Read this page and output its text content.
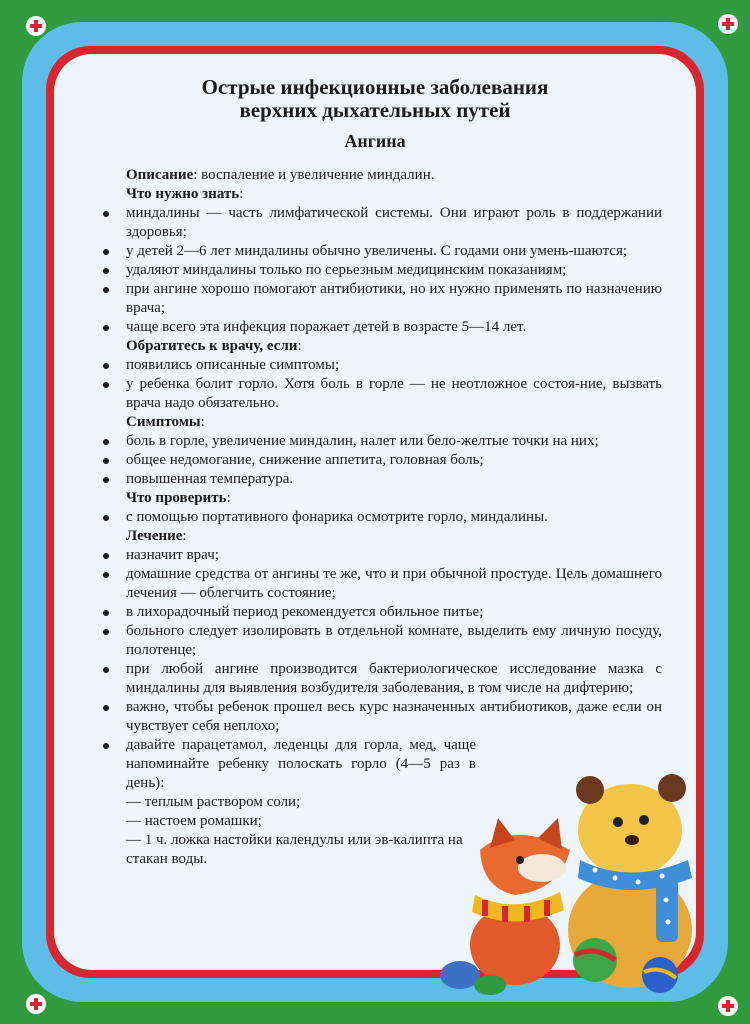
Острые инфекционные заболевания
верхних дыхательных путей
Ангина

Описание: воспаление и увеличение миндалин.

Что нужно знать:

миндалины — часть лимфатической системы. Они играют роль в поддержании здоровья;
у детей 2—6 лет миндалины обычно увеличены. С годами они умень-шаются;
удаляют миндалины только по серьезным медицинским показаниям;
при ангине хорошо помогают антибиотики, но их нужно применять по назначению врача;
чаще всего эта инфекция поражает детей в возрасте 5—14 лет.

Обратитесь к врачу, если:

появились описанные симптомы;
у ребенка болит горло. Хотя боль в горле — не неотложное состоя-ние, вызвать врача надо обязательно.

Симптомы:

боль в горле, увеличение миндалин, налет или бело-желтые точки на них;
общее недомогание, снижение аппетита, головная боль;
повышенная температура.

Что проверить:

с помощью портативного фонарика осмотрите горло, миндалины.

Лечение:

назначит врач;
домашние средства от ангины те же, что и при обычной простуде. Цель домашнего лечения — облегчить состояние;
в лихорадочный период рекомендуется обильное питье;
больного следует изолировать в отдельной комнате, выделить ему личную посуду, полотенце;
при любой ангине производится бактериологическое исследование мазка с миндалины для выявления возбудителя заболевания, в том числе на дифтерию;
важно, чтобы ребенок прошел весь курс назначенных антибиотиков, даже если он чувствует себя неплохо;
давайте парацетамол, леденцы для горла, мед, чаще напоминайте ребенку полоскать горло (4—5 раз в день):

— теплым раствором соли;

— настоем ромашки;

— 1 ч. ложка настойки календулы или эв-калипта на стакан воды.
